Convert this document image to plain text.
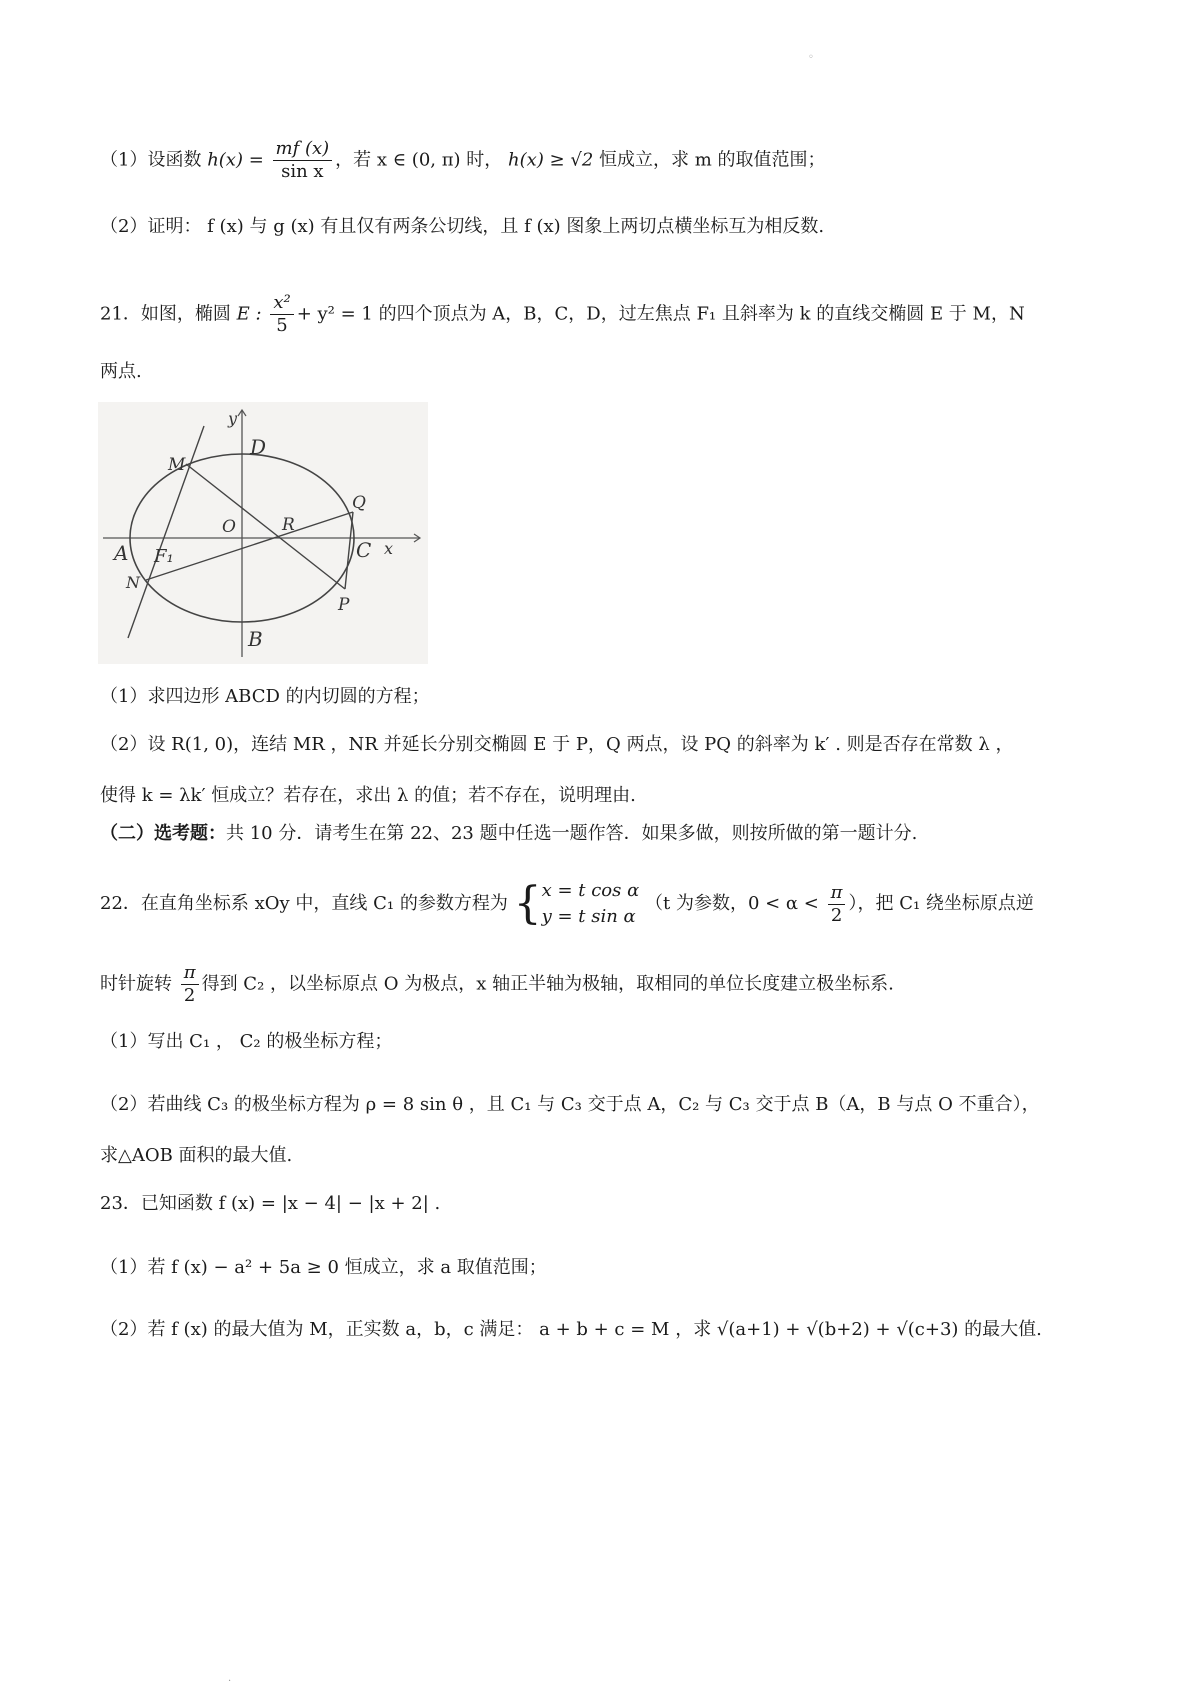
◦
（1）设函数 $h(x) = \frac{mf (x)}{\text{sin x}}$ ，若 x ∈ (0, π) 时， h(x) ≥ √2 恒成立，求 m 的取值范围；
（2）证明： f (x) 与 g (x) 有且仅有两条公切线，且 f (x) 图象上两切点横坐标互为相反数.
21．如图，椭圆 E : $\frac{\text{x²}}{5} + y^2 = 1$ 的四个顶点为 A，B，C，D，过左焦点 F₁ 且斜率为 k 的直线交椭圆 E 于 M，N
两点.
y
D
M
Q
O	R
A F₁	C x
N
P
B
（1）求四边形 ABCD 的内切圆的方程；
（2）设 R(1, 0)，连结 MR ，NR 并延长分别交椭圆 E 于 P，Q 两点，设 PQ 的斜率为 k′ . 则是否存在常数 λ ，
使得 k = λk′ 恒成立？若存在，求出 λ 的值；若不存在，说明理由.
（二）选考题：共 10 分．请考生在第 22、23 题中任选一题作答．如果多做，则按所做的第一题计分.
22．在直角坐标系 xOy 中，直线 C₁ 的参数方程为 { x = t cos α
y = t sin α
（t 为参数，$0 < \alpha < \frac{\pi}{2}$ ），把 C₁ 绕坐标原点逆
时针旋转 $\frac{\pi}{2}$ 得到 C₂ ，以坐标原点 O 为极点，x 轴正半轴为极轴，取相同的单位长度建立极坐标系.
（1）写出 C₁ ， C₂ 的极坐标方程；
（2）若曲线 C₃ 的极坐标方程为 ρ = 8 sin θ ，且 C₁ 与 C₃ 交于点 A，C₂ 与 C₃ 交于点 B（A，B 与点 O 不重合），
求△AOB 面积的最大值.
23．已知函数 f (x) = |x − 4| − |x + 2| .
（1）若 f (x) − a² + 5a ≥ 0 恒成立，求 a 取值范围；
（2）若 f (x) 的最大值为 M，正实数 a，b，c 满足： a + b + c = M ，求 √(a+1) + √(b+2) + √(c+3) 的最大值.
·
